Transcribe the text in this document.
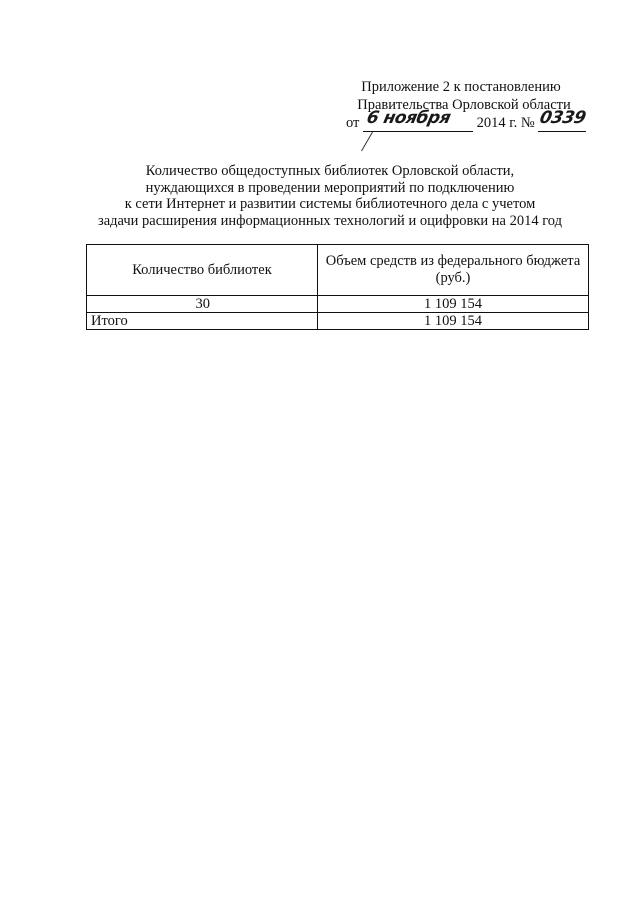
Приложение 2 к постановлению
Правительства Орловской области
от 6 ноября 2014 г. № 0339
Количество общедоступных библиотек Орловской области,
нуждающихся в проведении мероприятий по подключению
к сети Интернет и развитии системы библиотечного дела с учетом
задачи расширения информационных технологий и оцифровки на 2014 год
Количество библиотек	Объем средств из федерального бюджета (руб.)
30	1 109 154
Итого	1 109 154
